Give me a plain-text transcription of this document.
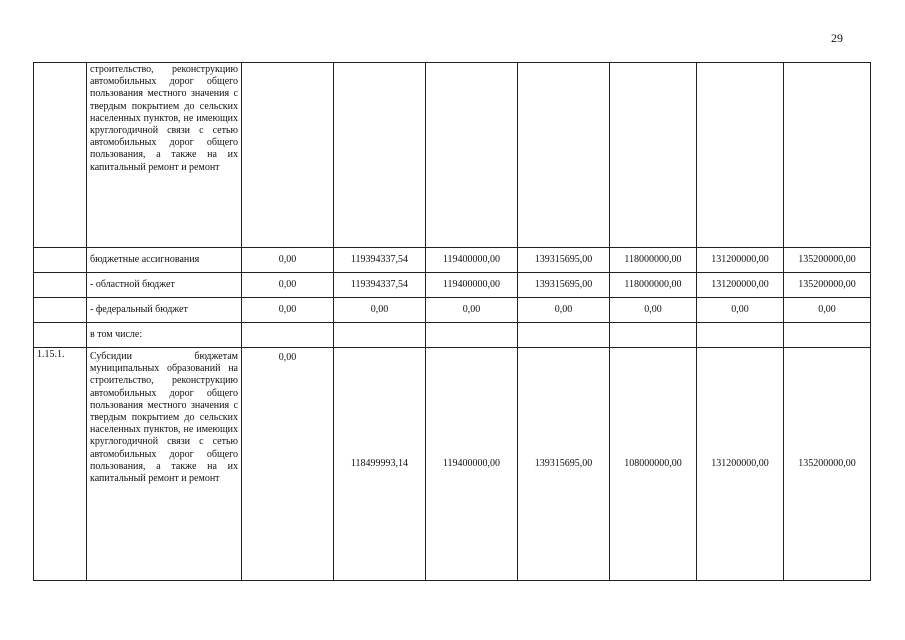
29
	строительство, реконструкцию автомобильных дорог общего пользования местного значения с твердым покрытием до сельских населенных пунктов, не имеющих круглогодичной связи с сетью автомобильных дорог общего пользования, а также на их капитальный ремонт и ремонт							
	бюджетные ассигнования	0,00	119394337,54	119400000,00	139315695,00	118000000,00	131200000,00	135200000,00
	- областной бюджет	0,00	119394337,54	119400000,00	139315695,00	118000000,00	131200000,00	135200000,00
	- федеральный бюджет	0,00	0,00	0,00	0,00	0,00	0,00	0,00
	в том числе:							
1.15.1.	Субсидии бюджетам муниципальных образований на строительство, реконструкцию автомобильных дорог общего пользования местного значения с твердым покрытием до сельских населенных пунктов, не имеющих круглогодичной связи с сетью автомобильных дорог общего пользования, а также на их капитальный ремонт и ремонт	0,00	118499993,14	119400000,00	139315695,00	108000000,00	131200000,00	135200000,00
